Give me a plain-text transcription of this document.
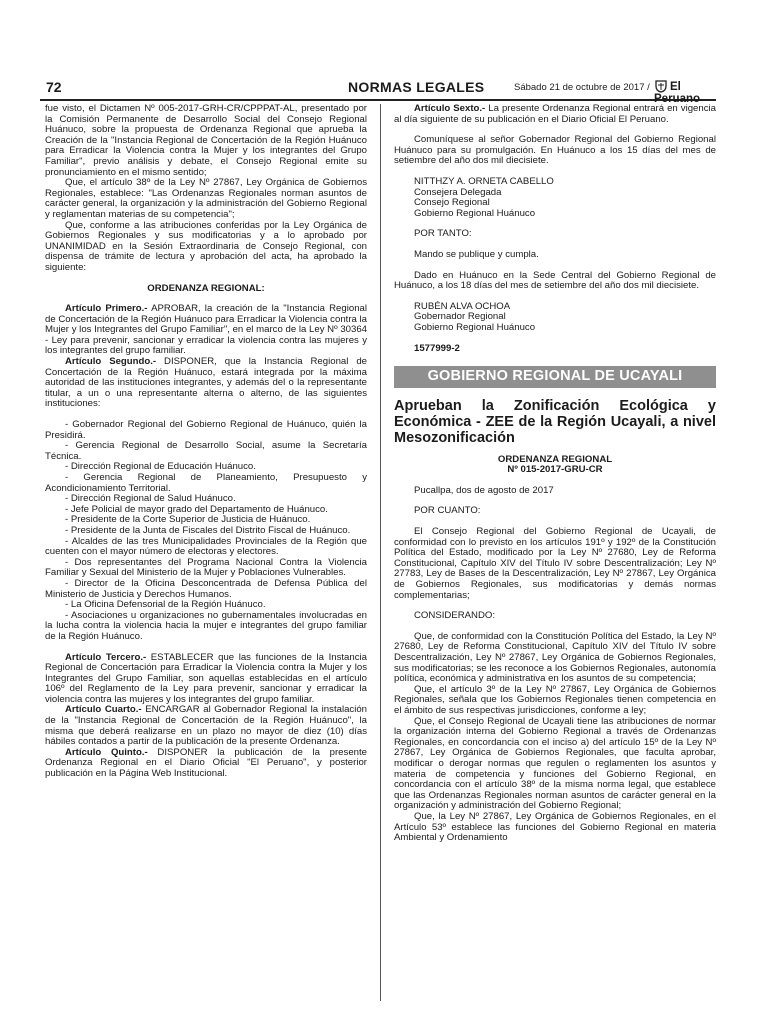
72	NORMAS LEGALES	Sábado 21 de octubre de 2017 /	El Peruano

fue visto, el Dictamen Nº 005-2017-GRH-CR/CPPPAT-AL, presentado por la Comisión Permanente de Desarrollo Social del Consejo Regional Huánuco, sobre la propuesta de Ordenanza Regional que aprueba la Creación de la "Instancia Regional de Concertación de la Región Huánuco para Erradicar la Violencia contra la Mujer y los integrantes del Grupo Familiar", previo análisis y debate, el Consejo Regional emite su pronunciamiento en el mismo sentido;

Que, el artículo 38º de la Ley Nº 27867, Ley Orgánica de Gobiernos Regionales, establece: "Las Ordenanzas Regionales norman asuntos de carácter general, la organización y la administración del Gobierno Regional y reglamentan materias de su competencia";

Que, conforme a las atribuciones conferidas por la Ley Orgánica de Gobiernos Regionales y sus modificatorias y a lo aprobado por UNANIMIDAD en la Sesión Extraordinaria de Consejo Regional, con dispensa de trámite de lectura y aprobación del acta, ha aprobado la siguiente:

ORDENANZA REGIONAL:

Artículo Primero.- APROBAR, la creación de la "Instancia Regional de Concertación de la Región Huánuco para Erradicar la Violencia contra la Mujer y los Integrantes del Grupo Familiar", en el marco de la Ley Nº 30364 - Ley para prevenir, sancionar y erradicar la violencia contra las mujeres y los integrantes del grupo familiar.

Artículo Segundo.- DISPONER, que la Instancia Regional de Concertación de la Región Huánuco, estará integrada por la máxima autoridad de las instituciones integrantes, y además del o la representante titular, a un o una representante alterna o alterno, de las siguientes instituciones:

- Gobernador Regional del Gobierno Regional de Huánuco, quién la Presidirá.

- Gerencia Regional de Desarrollo Social, asume la Secretaría Técnica.

- Dirección Regional de Educación Huánuco.

- Gerencia Regional de Planeamiento, Presupuesto y Acondicionamiento Territorial.

- Dirección Regional de Salud Huánuco.

- Jefe Policial de mayor grado del Departamento de Huánuco.

- Presidente de la Corte Superior de Justicia de Huánuco.

- Presidente de la Junta de Fiscales del Distrito Fiscal de Huánuco.

- Alcaldes de las tres Municipalidades Provinciales de la Región que cuenten con el mayor número de electoras y electores.

- Dos representantes del Programa Nacional Contra la Violencia Familiar y Sexual del Ministerio de la Mujer y Poblaciones Vulnerables.

- Director de la Oficina Desconcentrada de Defensa Pública del Ministerio de Justicia y Derechos Humanos.

- La Oficina Defensorial de la Región Huánuco.

- Asociaciones u organizaciones no gubernamentales involucradas en la lucha contra la violencia hacia la mujer e integrantes del grupo familiar de la Región Huánuco.

Artículo Tercero.- ESTABLECER que las funciones de la Instancia Regional de Concertación para Erradicar la Violencia contra la Mujer y los Integrantes del Grupo Familiar, son aquellas establecidas en el artículo 106º del Reglamento de la Ley para prevenir, sancionar y erradicar la violencia contra las mujeres y los integrantes del grupo familiar.

Artículo Cuarto.- ENCARGAR al Gobernador Regional la instalación de la "Instancia Regional de Concertación de la Región Huánuco", la misma que deberá realizarse en un plazo no mayor de diez (10) días hábiles contados a partir de la publicación de la presente Ordenanza.

Artículo Quinto.- DISPONER la publicación de la presente Ordenanza Regional en el Diario Oficial "El Peruano", y posterior publicación en la Página Web Institucional.

Artículo Sexto.- La presente Ordenanza Regional entrará en vigencia al día siguiente de su publicación en el Diario Oficial El Peruano.

Comuníquese al señor Gobernador Regional del Gobierno Regional Huánuco para su promulgación. En Huánuco a los 15 días del mes de setiembre del año dos mil diecisiete.

NITTHZY A. ORNETA CABELLO

Consejera Delegada

Consejo Regional

Gobierno Regional Huánuco

POR TANTO:

Mando se publique y cumpla.

Dado en Huánuco en la Sede Central del Gobierno Regional de Huánuco, a los 18 días del mes de setiembre del año dos mil diecisiete.

RUBÉN ALVA OCHOA

Gobernador Regional

Gobierno Regional Huánuco

1577999-2

GOBIERNO REGIONAL DE UCAYALI

Aprueban la Zonificación Ecológica y Económica - ZEE de la Región Ucayali, a nivel Mesozonificación

ORDENANZA REGIONAL

Nº 015-2017-GRU-CR

Pucallpa, dos de agosto de 2017

POR CUANTO:

El Consejo Regional del Gobierno Regional de Ucayali, de conformidad con lo previsto en los artículos 191º y 192º de la Constitución Política del Estado, modificado por la Ley Nº 27680, Ley de Reforma Constitucional, Capítulo XIV del Título IV sobre Descentralización; Ley Nº 27783, Ley de Bases de la Descentralización, Ley Nº 27867, Ley Orgánica de Gobiernos Regionales, sus modificatorias y demás normas complementarias;

CONSIDERANDO:

Que, de conformidad con la Constitución Política del Estado, la Ley Nº 27680, Ley de Reforma Constitucional, Capítulo XIV del Título IV sobre Descentralización, Ley Nº 27867, Ley Orgánica de Gobiernos Regionales, sus modificatorias; se les reconoce a los Gobiernos Regionales, autonomía política, económica y administrativa en los asuntos de su competencia;

Que, el artículo 3º de la Ley Nº 27867, Ley Orgánica de Gobiernos Regionales, señala que los Gobiernos Regionales tienen competencia en el ámbito de sus respectivas jurisdicciones, conforme a ley;

Que, el Consejo Regional de Ucayali tiene las atribuciones de normar la organización interna del Gobierno Regional a través de Ordenanzas Regionales, en concordancia con el inciso a) del artículo 15º de la Ley Nº 27867, Ley Orgánica de Gobiernos Regionales, que faculta aprobar, modificar o derogar normas que regulen o reglamenten los asuntos y materia de competencia y funciones del Gobierno Regional, en concordancia con el artículo 38º de la misma norma legal, que establece que las Ordenanzas Regionales norman asuntos de carácter general en la organización y administración del Gobierno Regional;

Que, la Ley Nº 27867, Ley Orgánica de Gobiernos Regionales, en el Artículo 53º establece las funciones del Gobierno Regional en materia Ambiental y Ordenamiento
